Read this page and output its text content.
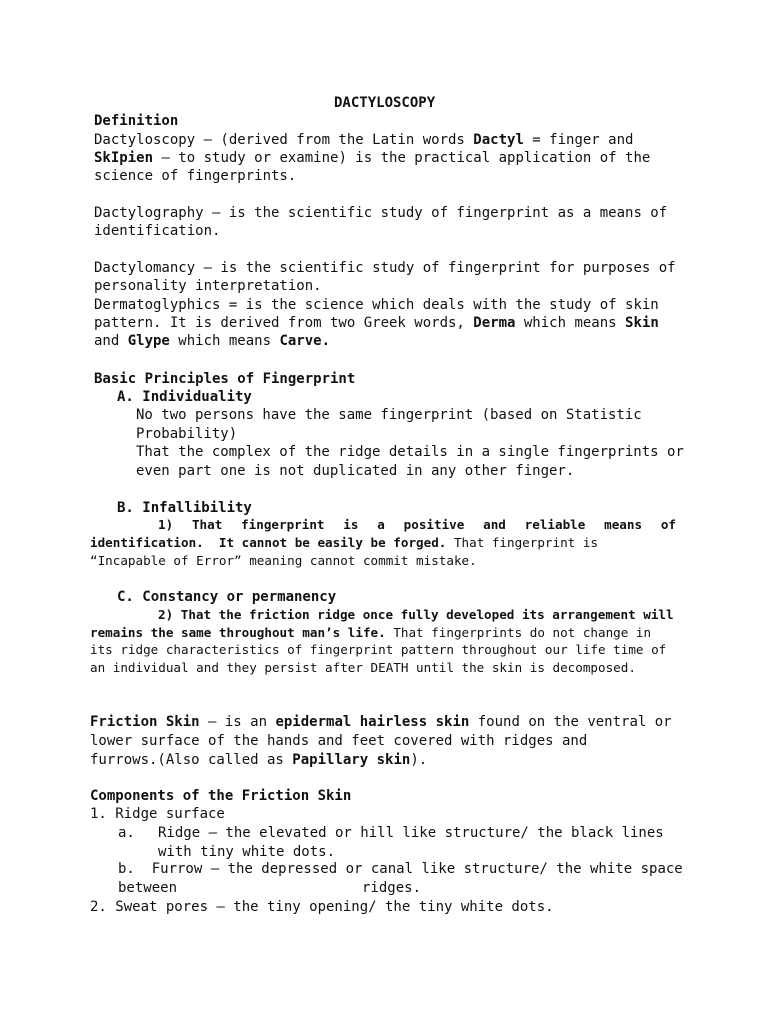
DACTYLOSCOPY
Definition
Dactyloscopy – (derived from the Latin words Dactyl = finger and
SkIpien – to study or examine) is the practical application of the
science of fingerprints.
Dactylography – is the scientific study of fingerprint as a means of
identification.
Dactylomancy – is the scientific study of fingerprint for purposes of
personality interpretation.
Dermatoglyphics = is the science which deals with the study of skin
pattern. It is derived from two Greek words, Derma which means Skin
and Glype which means Carve.
Basic Principles of Fingerprint
A. Individuality
No two persons have the same fingerprint (based on Statistic
Probability)
That the complex of the ridge details in a single fingerprints or
even part one is not duplicated in any other finger.
B. Infallibility
1) That fingerprint is a positive and reliable means of
identification.  It cannot be easily be forged. That fingerprint is
“Incapable of Error” meaning cannot commit mistake.
C. Constancy or permanency
2) That the friction ridge once fully developed its arrangement will
remains the same throughout man’s life. That fingerprints do not change in
its ridge characteristics of fingerprint pattern throughout our life time of
an individual and they persist after DEATH until the skin is decomposed.
Friction Skin – is an epidermal hairless skin found on the ventral or
lower surface of the hands and feet covered with ridges and
furrows.(Also called as Papillary skin).
Components of the Friction Skin
1. Ridge surface
a. Ridge – the elevated or hill like structure/ the black lines
with tiny white dots.
b.  Furrow – the depressed or canal like structure/ the white space
between	ridges.
2. Sweat pores – the tiny opening/ the tiny white dots.
